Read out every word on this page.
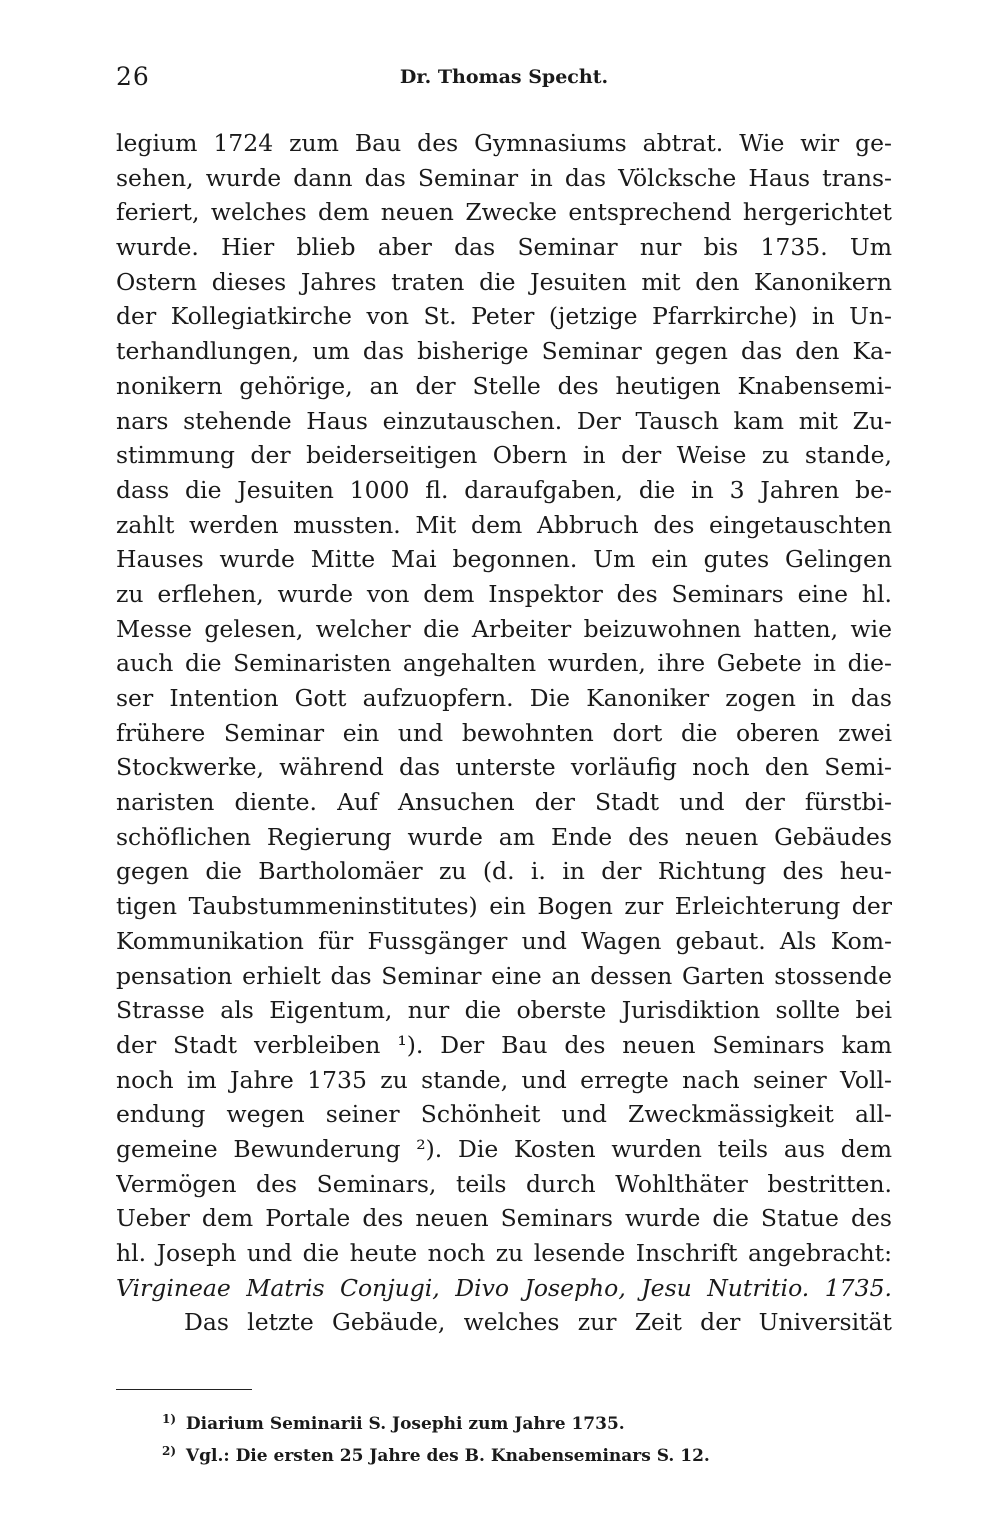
26	Dr. Thomas Specht.
legium 1724 zum Bau des Gymnasiums abtrat. Wie wir ge-
sehen, wurde dann das Seminar in das Völcksche Haus trans-
feriert, welches dem neuen Zwecke entsprechend hergerichtet
wurde. Hier blieb aber das Seminar nur bis 1735. Um
Ostern dieses Jahres traten die Jesuiten mit den Kanonikern
der Kollegiatkirche von St. Peter (jetzige Pfarrkirche) in Un-
terhandlungen, um das bisherige Seminar gegen das den Ka-
nonikern gehörige, an der Stelle des heutigen Knabensemi-
nars stehende Haus einzutauschen. Der Tausch kam mit Zu-
stimmung der beiderseitigen Obern in der Weise zu stande,
dass die Jesuiten 1000 fl. daraufgaben, die in 3 Jahren be-
zahlt werden mussten. Mit dem Abbruch des eingetauschten
Hauses wurde Mitte Mai begonnen. Um ein gutes Gelingen
zu erflehen, wurde von dem Inspektor des Seminars eine hl.
Messe gelesen, welcher die Arbeiter beizuwohnen hatten, wie
auch die Seminaristen angehalten wurden, ihre Gebete in die-
ser Intention Gott aufzuopfern. Die Kanoniker zogen in das
frühere Seminar ein und bewohnten dort die oberen zwei
Stockwerke, während das unterste vorläufig noch den Semi-
naristen diente. Auf Ansuchen der Stadt und der fürstbi-
schöflichen Regierung wurde am Ende des neuen Gebäudes
gegen die Bartholomäer zu (d. i. in der Richtung des heu-
tigen Taubstummeninstitutes) ein Bogen zur Erleichterung der
Kommunikation für Fussgänger und Wagen gebaut. Als Kom-
pensation erhielt das Seminar eine an dessen Garten stossende
Strasse als Eigentum, nur die oberste Jurisdiktion sollte bei
der Stadt verbleiben ¹). Der Bau des neuen Seminars kam
noch im Jahre 1735 zu stande, und erregte nach seiner Voll-
endung wegen seiner Schönheit und Zweckmässigkeit all-
gemeine Bewunderung ²). Die Kosten wurden teils aus dem
Vermögen des Seminars, teils durch Wohlthäter bestritten.
Ueber dem Portale des neuen Seminars wurde die Statue des
hl. Joseph und die heute noch zu lesende Inschrift angebracht:
Virgineae Matris Conjugi, Divo Josepho, Jesu Nutritio. 1735.
Das letzte Gebäude, welches zur Zeit der Universität
1) Diarium Seminarii S. Josephi zum Jahre 1735.
2) Vgl.: Die ersten 25 Jahre des B. Knabenseminars S. 12.
